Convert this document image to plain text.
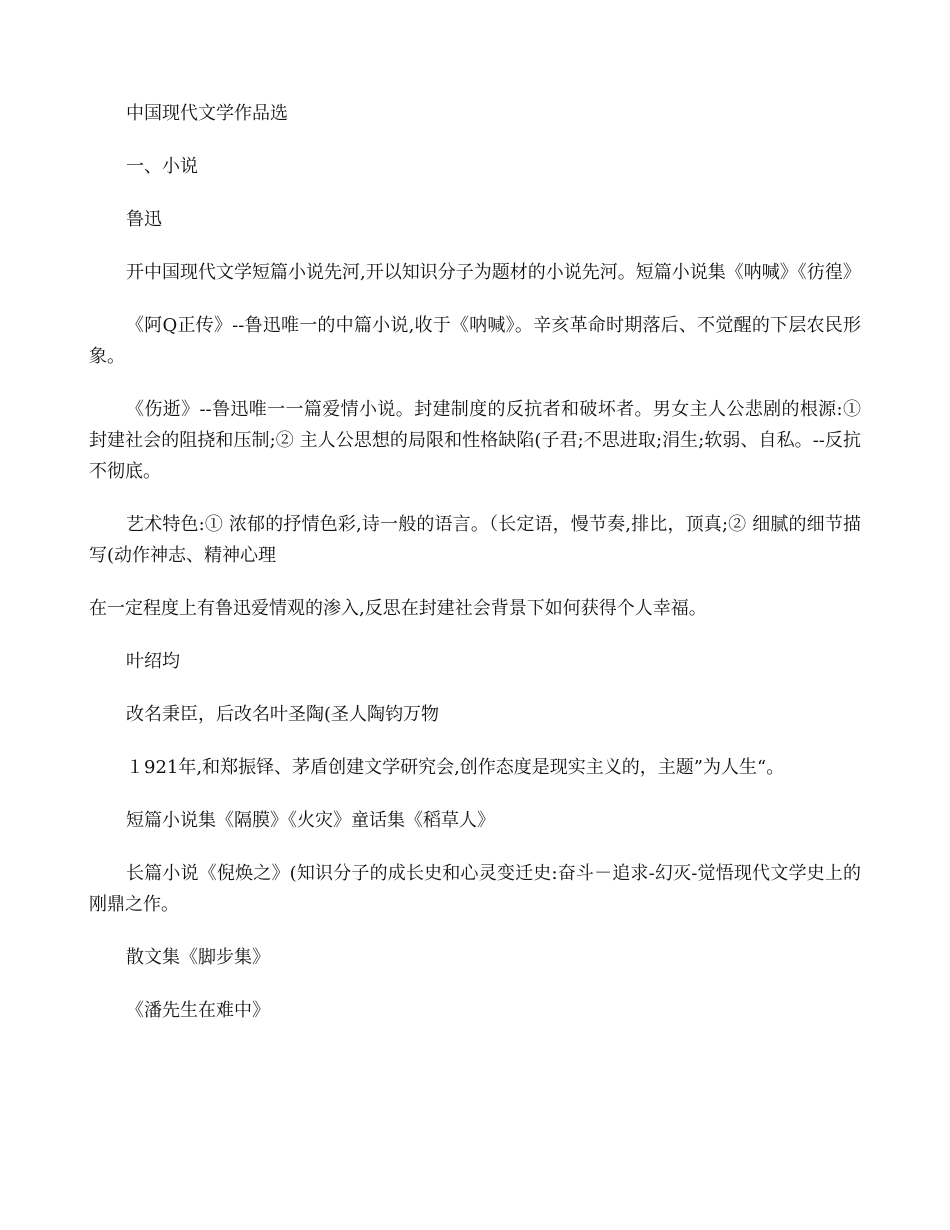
中国现代文学作品选

一、小说

鲁迅

开中国现代文学短篇小说先河,开以知识分子为题材的小说先河。短篇小说集《呐喊》《彷徨》

《阿Q正传》--鲁迅唯一的中篇小说,收于《呐喊》。辛亥革命时期落后、不觉醒的下层农民形象。

《伤逝》--鲁迅唯一一篇爱情小说。封建制度的反抗者和破坏者。男女主人公悲剧的根源:①封建社会的阻挠和压制;② 主人公思想的局限和性格缺陷(子君;不思进取;涓生;软弱、自私。--反抗不彻底。

艺术特色:① 浓郁的抒情色彩,诗一般的语言。（长定语，慢节奏,排比，顶真;② 细腻的细节描写(动作神志、精神心理

在一定程度上有鲁迅爱情观的渗入,反思在封建社会背景下如何获得个人幸福。

叶绍均

改名秉臣，后改名叶圣陶(圣人陶钧万物

１921年,和郑振铎、茅盾创建文学研究会,创作态度是现实主义的，主题”为人生“。

短篇小说集《隔膜》《火灾》童话集《稻草人》

长篇小说《倪焕之》(知识分子的成长史和心灵变迁史:奋斗－追求-幻灭-觉悟现代文学史上的刚鼎之作。

散文集《脚步集》

《潘先生在难中》
